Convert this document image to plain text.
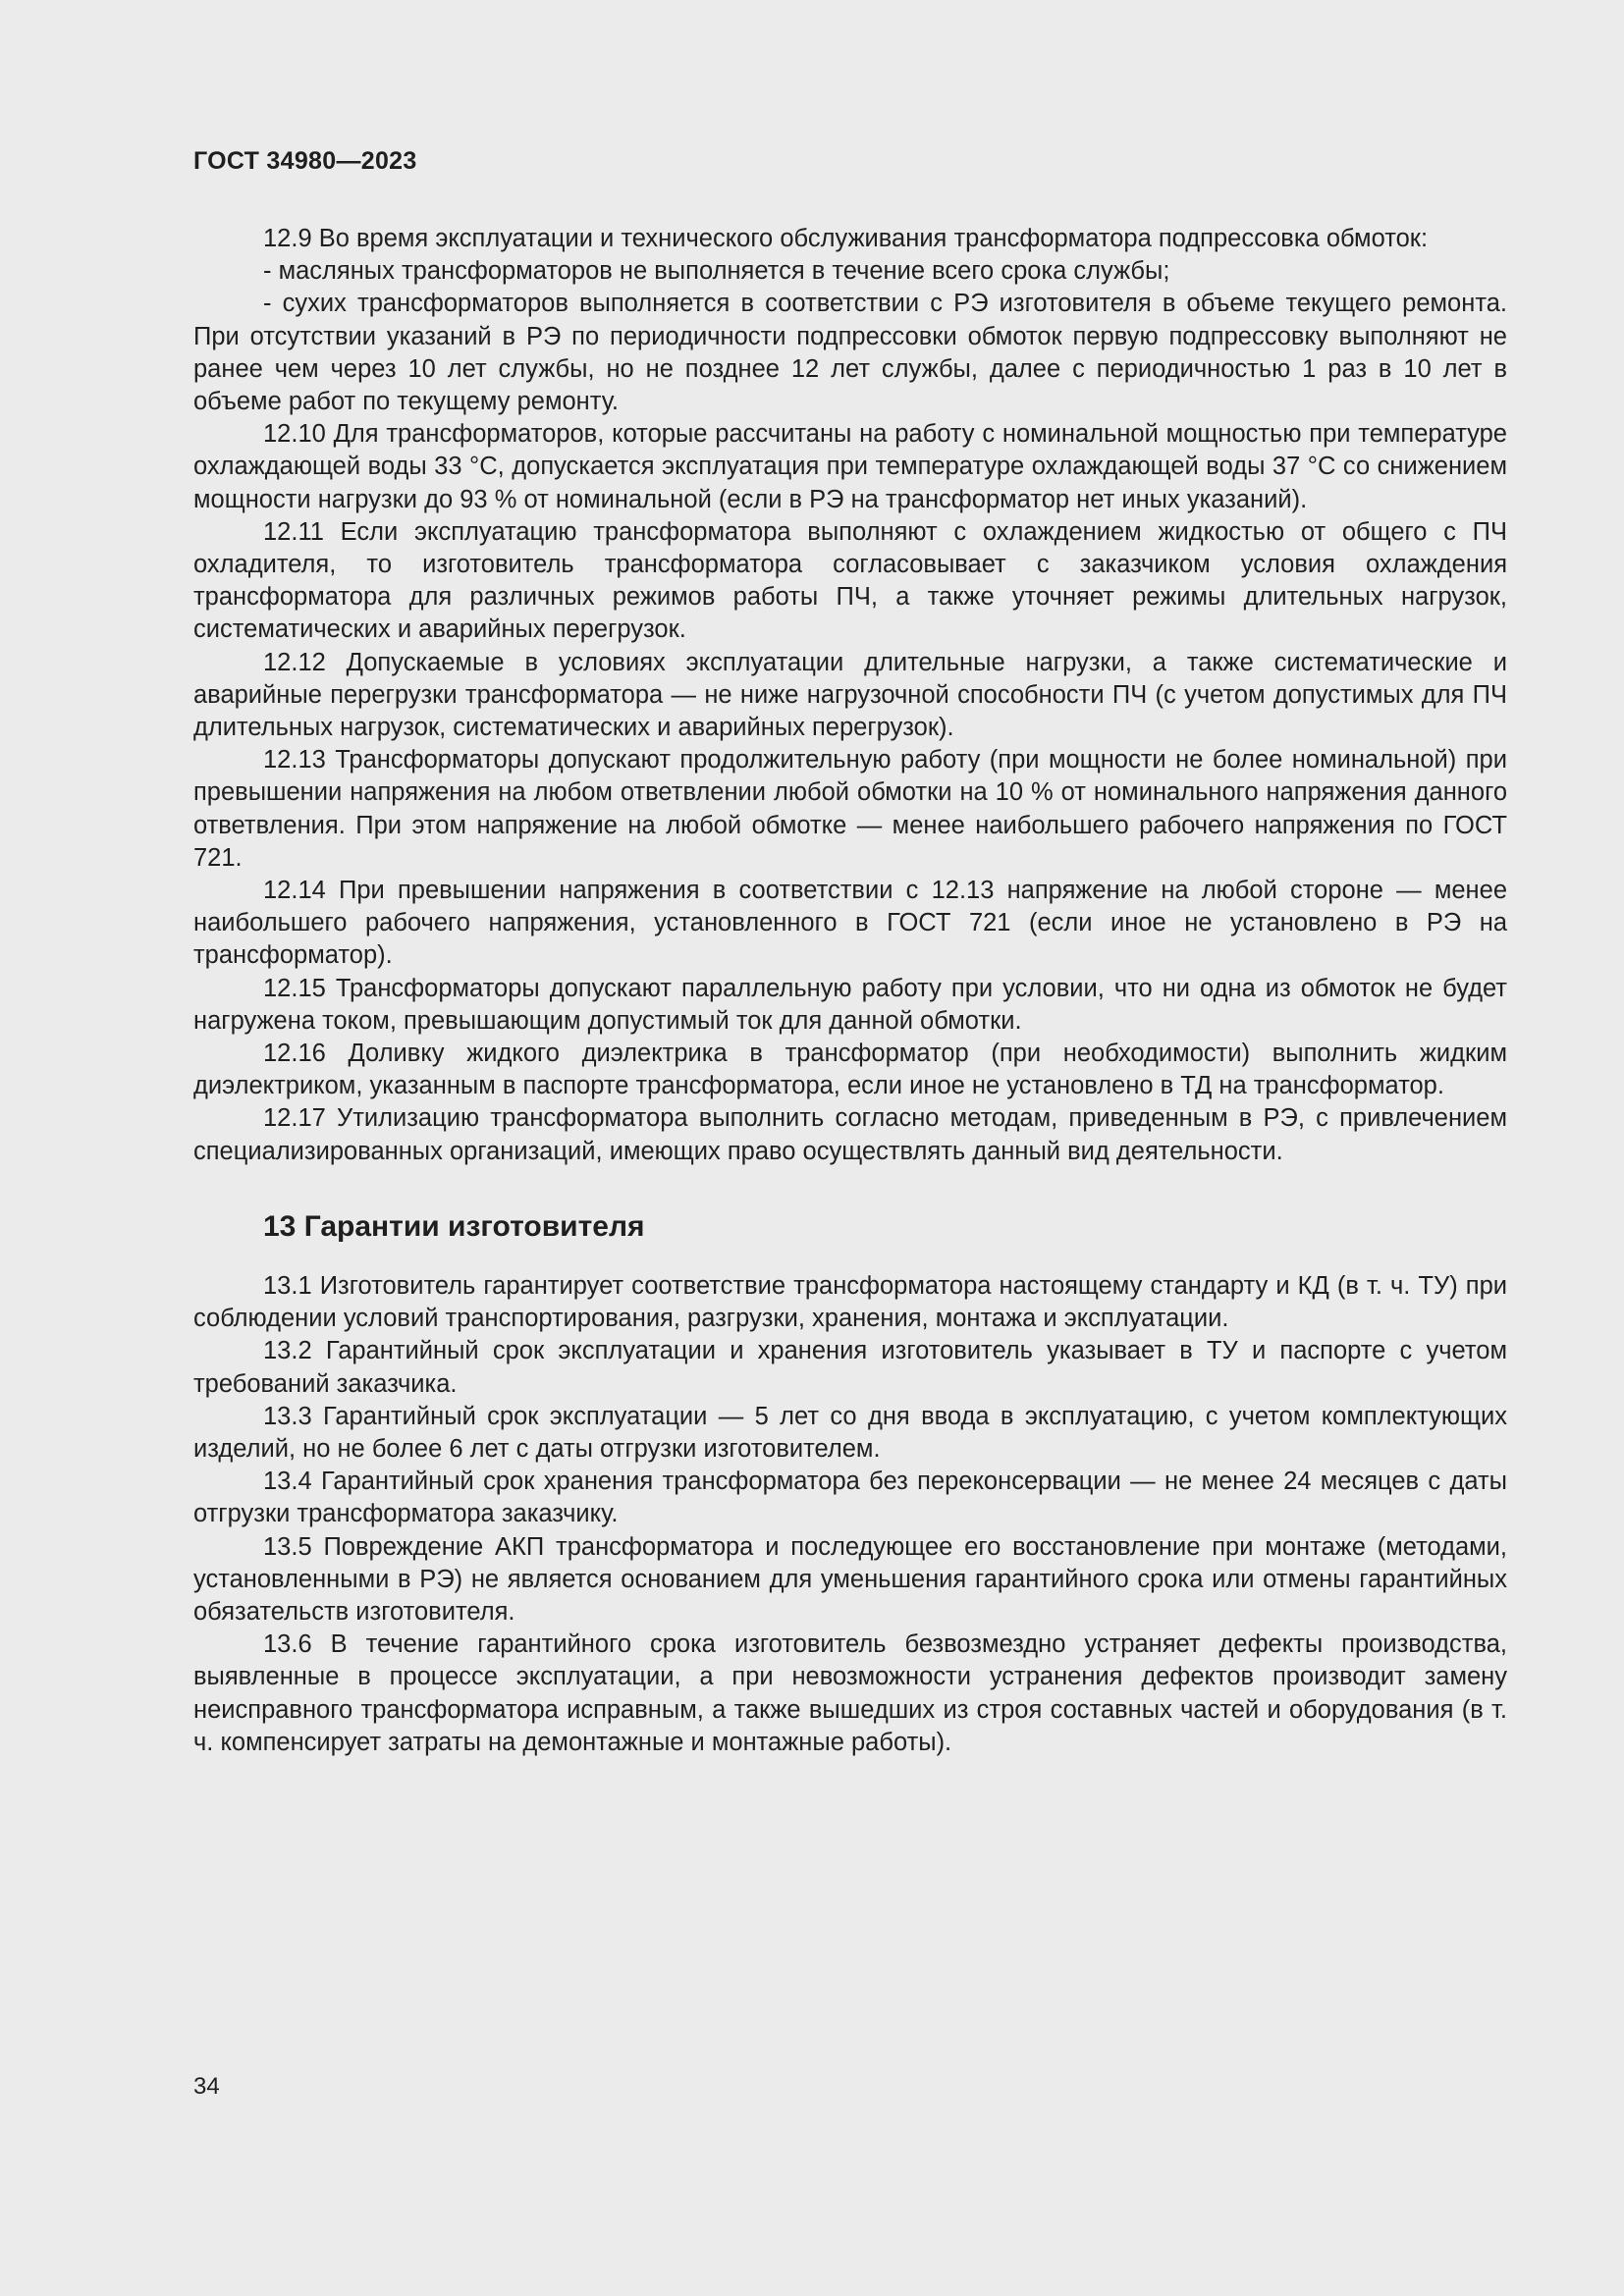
ГОСТ 34980—2023

12.9 Во время эксплуатации и технического обслуживания трансформатора подпрессовка обмоток:

- масляных трансформаторов не выполняется в течение всего срока службы;

- сухих трансформаторов выполняется в соответствии с РЭ изготовителя в объеме текущего ремонта. При отсутствии указаний в РЭ по периодичности подпрессовки обмоток первую подпрессовку выполняют не ранее чем через 10 лет службы, но не позднее 12 лет службы, далее с периодичностью 1 раз в 10 лет в объеме работ по текущему ремонту.

12.10 Для трансформаторов, которые рассчитаны на работу с номинальной мощностью при температуре охлаждающей воды 33 °С, допускается эксплуатация при температуре охлаждающей воды 37 °С со снижением мощности нагрузки до 93 % от номинальной (если в РЭ на трансформатор нет иных указаний).

12.11 Если эксплуатацию трансформатора выполняют с охлаждением жидкостью от общего с ПЧ охладителя, то изготовитель трансформатора согласовывает с заказчиком условия охлаждения трансформатора для различных режимов работы ПЧ, а также уточняет режимы длительных нагрузок, систематических и аварийных перегрузок.

12.12 Допускаемые в условиях эксплуатации длительные нагрузки, а также систематические и аварийные перегрузки трансформатора — не ниже нагрузочной способности ПЧ (с учетом допустимых для ПЧ длительных нагрузок, систематических и аварийных перегрузок).

12.13 Трансформаторы допускают продолжительную работу (при мощности не более номинальной) при превышении напряжения на любом ответвлении любой обмотки на 10 % от номинального напряжения данного ответвления. При этом напряжение на любой обмотке — менее наибольшего рабочего напряжения по ГОСТ 721.

12.14 При превышении напряжения в соответствии с 12.13 напряжение на любой стороне — менее наибольшего рабочего напряжения, установленного в ГОСТ 721 (если иное не установлено в РЭ на трансформатор).

12.15 Трансформаторы допускают параллельную работу при условии, что ни одна из обмоток не будет нагружена током, превышающим допустимый ток для данной обмотки.

12.16 Доливку жидкого диэлектрика в трансформатор (при необходимости) выполнить жидким диэлектриком, указанным в паспорте трансформатора, если иное не установлено в ТД на трансформатор.

12.17 Утилизацию трансформатора выполнить согласно методам, приведенным в РЭ, с привлечением специализированных организаций, имеющих право осуществлять данный вид деятельности.

13 Гарантии изготовителя

13.1 Изготовитель гарантирует соответствие трансформатора настоящему стандарту и КД (в т. ч. ТУ) при соблюдении условий транспортирования, разгрузки, хранения, монтажа и эксплуатации.

13.2 Гарантийный срок эксплуатации и хранения изготовитель указывает в ТУ и паспорте с учетом требований заказчика.

13.3 Гарантийный срок эксплуатации — 5 лет со дня ввода в эксплуатацию, с учетом комплектующих изделий, но не более 6 лет с даты отгрузки изготовителем.

13.4 Гарантийный срок хранения трансформатора без переконсервации — не менее 24 месяцев с даты отгрузки трансформатора заказчику.

13.5 Повреждение АКП трансформатора и последующее его восстановление при монтаже (методами, установленными в РЭ) не является основанием для уменьшения гарантийного срока или отмены гарантийных обязательств изготовителя.

13.6 В течение гарантийного срока изготовитель безвозмездно устраняет дефекты производства, выявленные в процессе эксплуатации, а при невозможности устранения дефектов производит замену неисправного трансформатора исправным, а также вышедших из строя составных частей и оборудования (в т. ч. компенсирует затраты на демонтажные и монтажные работы).

34
